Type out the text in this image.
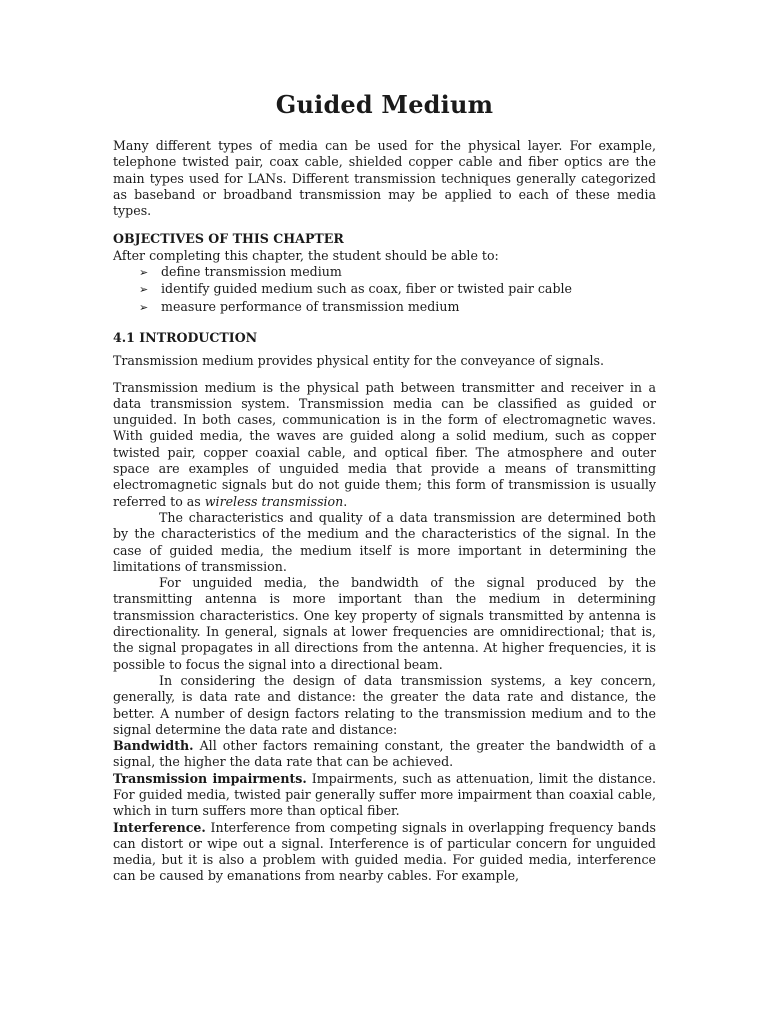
Guided Medium

Many different types of media can be used for the physical layer. For example, telephone twisted pair, coax cable, shielded copper cable and fiber optics are the main types used for LANs. Different transmission techniques generally categorized as baseband or broadband transmission may be applied to each of these media types.

OBJECTIVES OF THIS CHAPTER

After completing this chapter, the student should be able to:

➢	define transmission medium
➢	identify guided medium such as coax, fiber or twisted pair cable
➢	measure performance of transmission medium
4.1 INTRODUCTION

Transmission medium provides physical entity for the conveyance of signals.

Transmission medium is the physical path between transmitter and receiver in a data transmission system. Transmission media can be classified as guided or unguided. In both cases, communication is in the form of electromagnetic waves. With guided media, the waves are guided along a solid medium, such as copper twisted pair, copper coaxial cable, and optical fiber. The atmosphere and outer space are examples of unguided media that provide a means of transmitting electromagnetic signals but do not guide them; this form of transmission is usually referred to as wireless transmission.

The characteristics and quality of a data transmission are determined both by the characteristics of the medium and the characteristics of the signal. In the case of guided media, the medium itself is more important in determining the limitations of transmission.

For unguided media, the bandwidth of the signal produced by the transmitting antenna is more important than the medium in determining transmission characteristics. One key property of signals transmitted by antenna is directionality. In general, signals at lower frequencies are omnidirectional; that is, the signal propagates in all directions from the antenna. At higher frequencies, it is possible to focus the signal into a directional beam.

In considering the design of data transmission systems, a key concern, generally, is data rate and distance: the greater the data rate and distance, the better. A number of design factors relating to the transmission medium and to the signal determine the data rate and distance:

Bandwidth. All other factors remaining constant, the greater the bandwidth of a signal, the higher the data rate that can be achieved.

Transmission impairments. Impairments, such as attenuation, limit the distance. For guided media, twisted pair generally suffer more impairment than coaxial cable, which in turn suffers more than optical fiber.

Interference. Interference from competing signals in overlapping frequency bands can distort or wipe out a signal. Interference is of particular concern for unguided media, but it is also a problem with guided media. For guided media, interference can be caused by emanations from nearby cables. For example,
